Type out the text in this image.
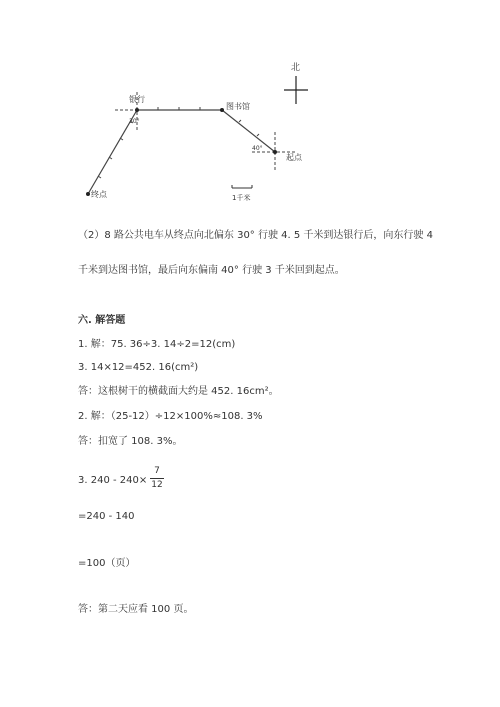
北
银行
30°
图书馆
40°
起点
终点	1千米
（2）8 路公共电车从终点向北偏东 30° 行驶 4. 5 千米到达银行后，向东行驶 4
千米到达图书馆，最后向东偏南 40° 行驶 3 千米回到起点。
六. 解答题
1. 解：75. 36÷3. 14÷2=12(cm)
3. 14×12=452. 16(cm²)
答：这根树干的横截面大约是 452. 16cm²。
2. 解：（25-12）÷12×100%≈108. 3%
答：扣宽了 108. 3%。
3. 240 - 240×
7
12
=240 - 140
=100（页）
答：第二天应看 100 页。
